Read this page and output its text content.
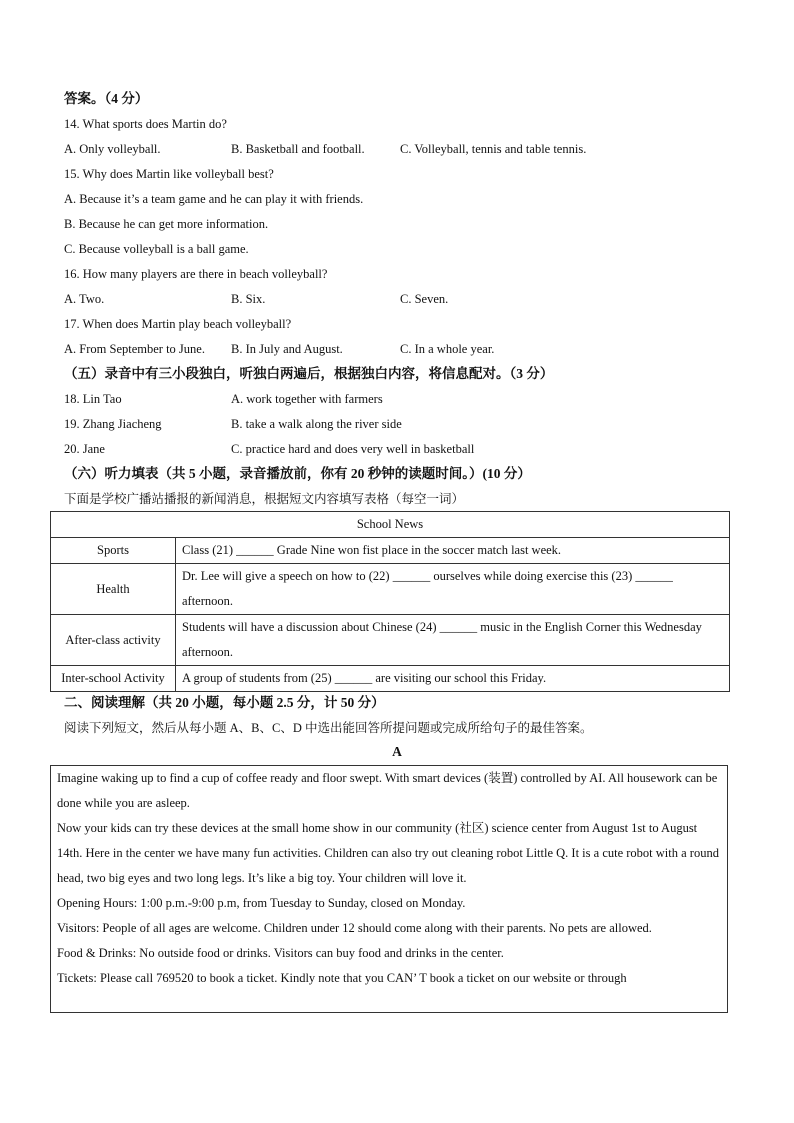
答案。（4 分）
14. What sports does Martin do?
A. Only volleyball.	B. Basketball and football.	C. Volleyball, tennis and table tennis.
15. Why does Martin like volleyball best?
A. Because it’s a team game and he can play it with friends.
B. Because he can get more information.
C. Because volleyball is a ball game.
16. How many players are there in beach volleyball?
A. Two.	B. Six.	C. Seven.
17. When does Martin play beach volleyball?
A. From September to June. B. In July and August.	C. In a whole year.
（五）录音中有三小段独白，听独白两遍后，根据独白内容，将信息配对。（3 分）
18. Lin Tao	A. work together with farmers
19. Zhang Jiacheng	B. take a walk along the river side
20. Jane	C. practice hard and does very well in basketball
（六）听力填表（共 5 小题，录音播放前，你有 20 秒钟的读题时间。）(10 分）
下面是学校广播站播报的新闻消息，根据短文内容填写表格（每空一词）
School News	
Sports	Class (21) ______ Grade Nine won fist place in the soccer match last week.
Health	Dr. Lee will give a speech on how to (22) ______ ourselves while doing exercise this (23) ______ afternoon.
After-class activity	Students will have a discussion about Chinese (24) ______ music in the English Corner this Wednesday afternoon.
Inter-school Activity	A group of students from (25) ______ are visiting our school this Friday.
二、阅读理解（共 20 小题，每小题 2.5 分，计 50 分）
阅读下列短文，然后从每小题 A、B、C、D 中选出能回答所提问题或完成所给句子的最佳答案。
A

Imagine waking up to find a cup of coffee ready and floor swept. With smart devices (装置) controlled by AI. All housework can be done while you are asleep.

Now your kids can try these devices at the small home show in our community (社区) science center from August 1st to August 14th. Here in the center we have many fun activities. Children can also try out cleaning robot Little Q. It is a cute robot with a round head, two big eyes and two long legs. It’s like a big toy. Your children will love it.

Opening Hours: 1:00 p.m.-9:00 p.m, from Tuesday to Sunday, closed on Monday.

Visitors: People of all ages are welcome. Children under 12 should come along with their parents. No pets are allowed.

Food & Drinks: No outside food or drinks. Visitors can buy food and drinks in the center.

Tickets: Please call 769520 to book a ticket. Kindly note that you CAN’ T book a ticket on our website or through
